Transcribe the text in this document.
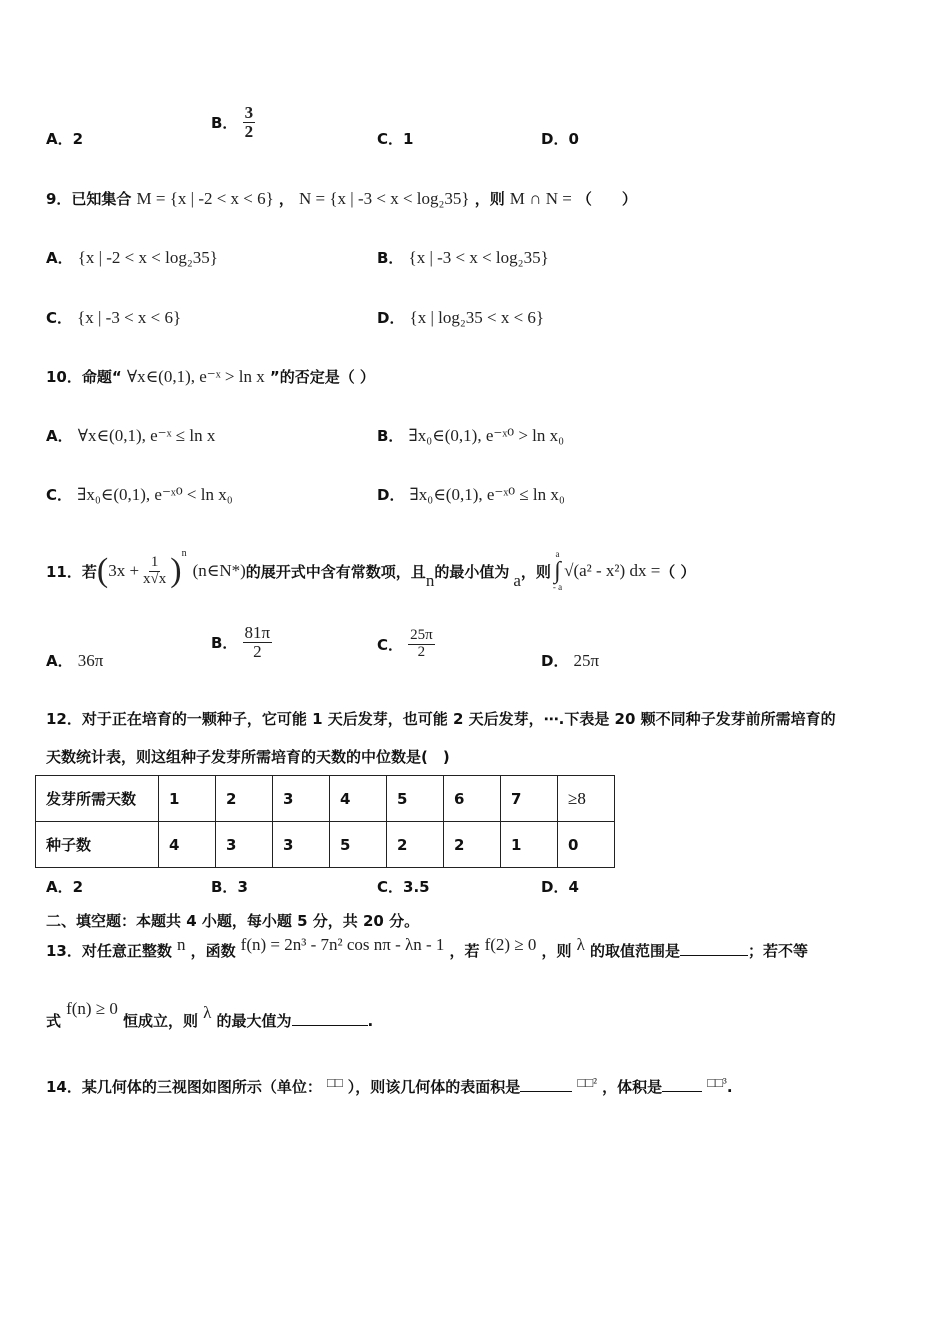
A．2
B． $\frac{3}{2}$	C．1	D．0
9．已知集合 M = {x | -2 < x < 6} ， N = {x | -3 < x < log₂35} ，则 M ∩ N = （　　）
A． {x | -2 < x < log₂35}	B． {x | -3 < x < log₂35}
C． {x | -3 < x < 6}	D． {x | log₂35 < x < 6}
10．命题“ ∀x∈(0,1), e⁻ˣ > ln x ”的否定是（ ）
A． ∀x∈(0,1), e⁻ˣ ≤ ln x	B． ∃x₀∈(0,1), e⁻ˣ⁰ > ln x₀
C． ∃x₀∈(0,1), e⁻ˣ⁰ < ln x₀	D． ∃x₀∈(0,1), e⁻ˣ⁰ ≤ ln x₀
11．若 ( $3x + \frac{1}{x√x} )^n$
(n∈N*) 的展开式中含有常数项，且 n 的最小值为 a ，则
a
∫
- a
√(a² - x²) dx = （ ）
A． 36π
B． $\frac{81\pi}{2}$	C． $\frac{25\pi}{2}$
D． 25π
12．对于正在培育的一颗种子，它可能 1 天后发芽，也可能 2 天后发芽，⋯.下表是 20 颗不同种子发芽前所需培育的
天数统计表，则这组种子发芽所需培育的天数的中位数是(　)
发芽所需天数	1	2	3	4	5	6	7	≥8
种子数	4	3	3	5	2	2	1	0
A．2	B．3	C．3.5	D．4
二、填空题：本题共 4 小题，每小题 5 分，共 20 分。
13．对任意正整数 n ，函数 f(n) = 2n³ - 7n² cos nπ - λn - 1 ，若 f(2) ≥ 0 ，则 λ 的取值范围是	；若不等
式 f(n) ≥ 0 恒成立，则 λ 的最大值为	.
14．某几何体的三视图如图所示（单位： □□ ），则该几何体的表面积是	$^{□□^2}$ ，体积是	$^{□□^3}$.
